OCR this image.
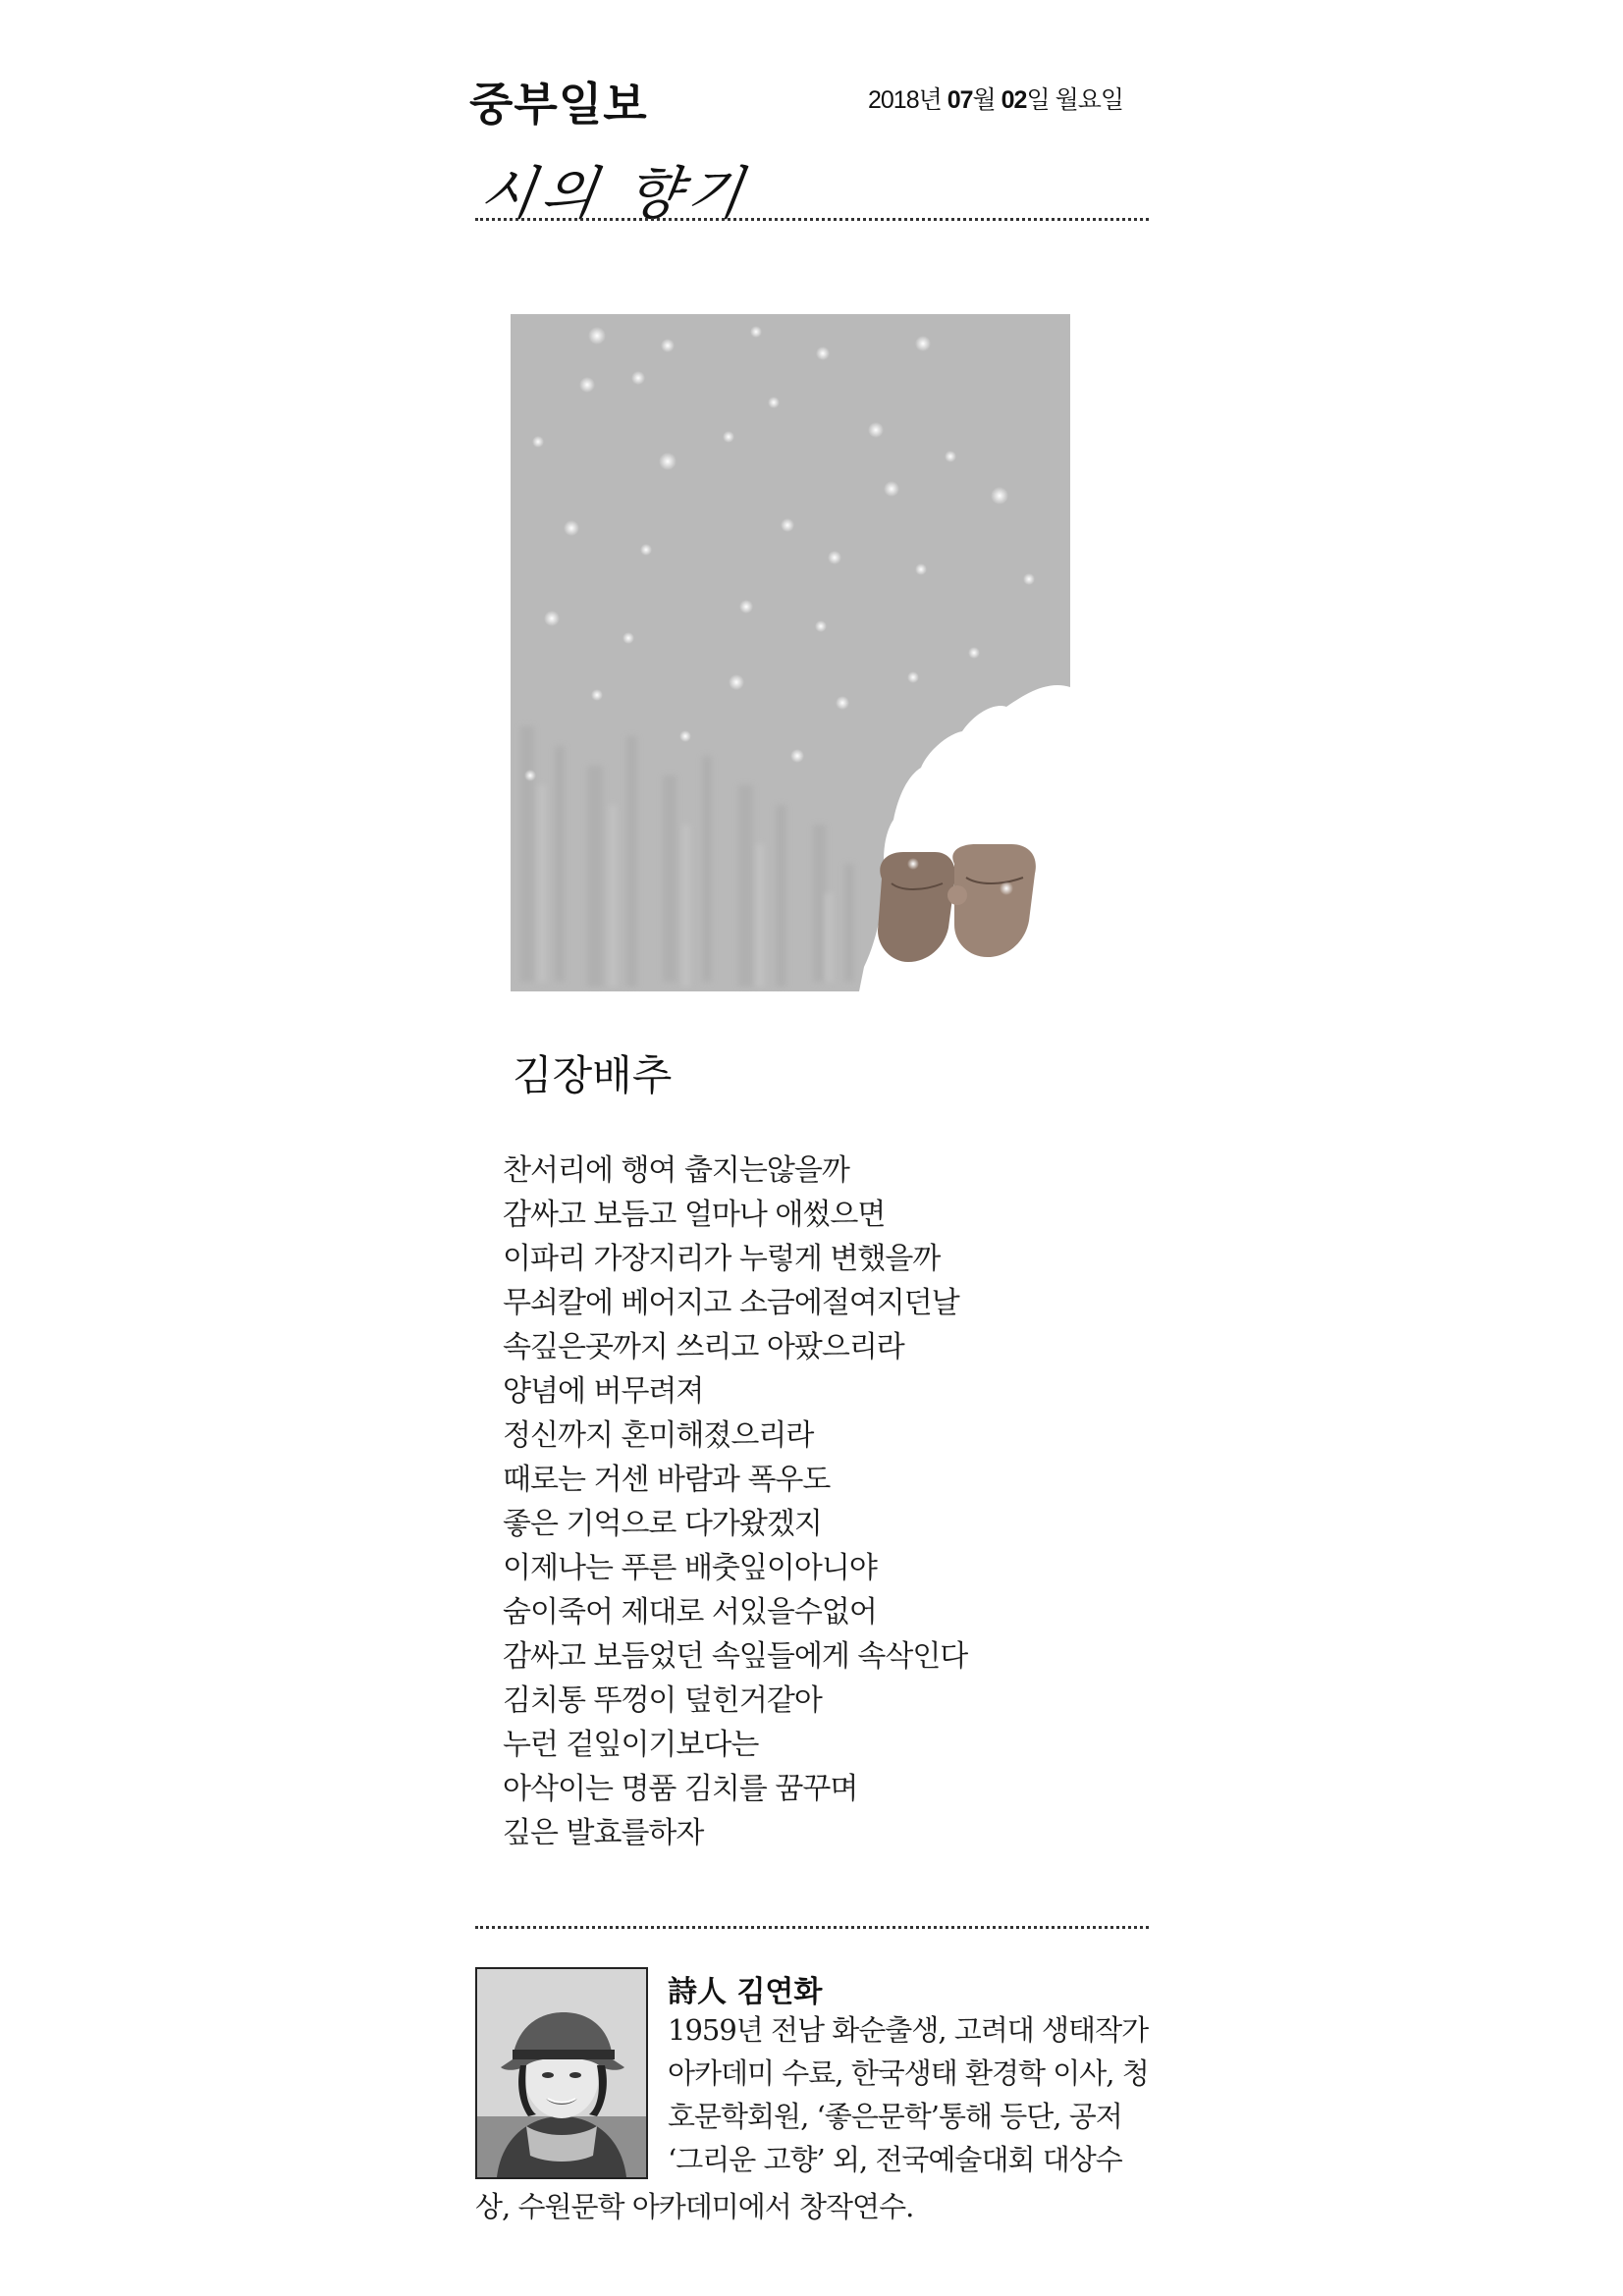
중부일보	2018년 07월 02일 월요일
시의 향기
김장배추
찬서리에 행여 춥지는않을까
감싸고 보듬고 얼마나 애썼으면
이파리 가장지리가 누렇게 변했을까
무쇠칼에 베어지고 소금에절여지던날
속깊은곳까지 쓰리고 아팠으리라
양념에 버무려져
정신까지 혼미해졌으리라
때로는 거센 바람과 폭우도
좋은 기억으로 다가왔겠지
이제나는 푸른 배춧잎이아니야
숨이죽어 제대로 서있을수없어
감싸고 보듬었던 속잎들에게 속삭인다
김치통 뚜껑이 덮힌거같아
누런 겉잎이기보다는
아삭이는 명품 김치를 꿈꾸며
깊은 발효를하자
詩人 김연화
1959년 전남 화순출생, 고려대 생태작가
아카데미 수료, 한국생태 환경학 이사, 청
호문학회원, ‘좋은문학’통해 등단, 공저
‘그리운 고향’ 외, 전국예술대회 대상수
상, 수원문학 아카데미에서 창작연수.
